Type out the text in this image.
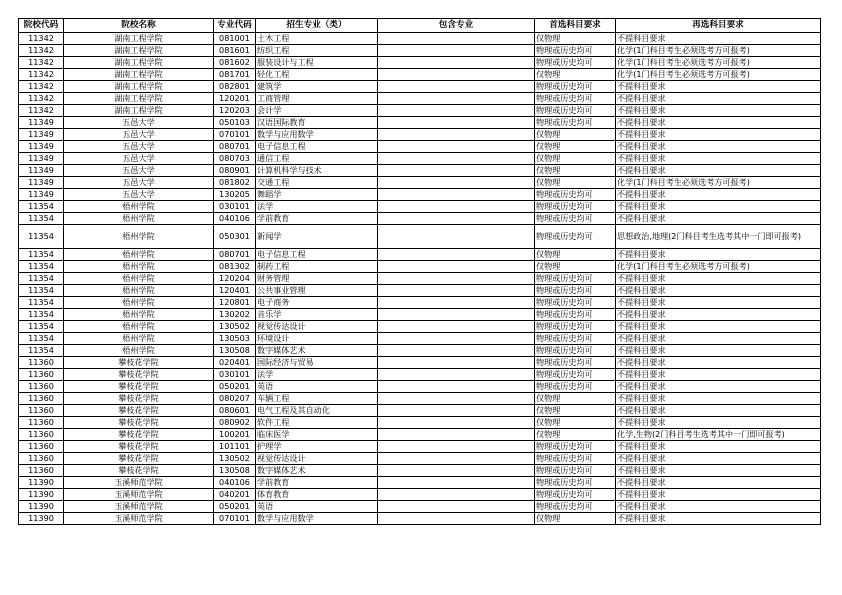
院校代码	院校名称	专业代码	招生专业（类）	包含专业	首选科目要求	再选科目要求
11342	湖南工程学院	081001	土木工程		仅物理	不提科目要求
11342	湖南工程学院	081601	纺织工程		物理或历史均可	化学(1门科目考生必须选考方可报考)
11342	湖南工程学院	081602	服装设计与工程		物理或历史均可	化学(1门科目考生必须选考方可报考)
11342	湖南工程学院	081701	轻化工程		仅物理	化学(1门科目考生必须选考方可报考)
11342	湖南工程学院	082801	建筑学		物理或历史均可	不提科目要求
11342	湖南工程学院	120201	工商管理		物理或历史均可	不提科目要求
11342	湖南工程学院	120203	会计学		物理或历史均可	不提科目要求
11349	五邑大学	050103	汉语国际教育		物理或历史均可	不提科目要求
11349	五邑大学	070101	数学与应用数学		仅物理	不提科目要求
11349	五邑大学	080701	电子信息工程		仅物理	不提科目要求
11349	五邑大学	080703	通信工程		仅物理	不提科目要求
11349	五邑大学	080901	计算机科学与技术		仅物理	不提科目要求
11349	五邑大学	081802	交通工程		仅物理	化学(1门科目考生必须选考方可报考)
11349	五邑大学	130205	舞蹈学		物理或历史均可	不提科目要求
11354	梧州学院	030101	法学		物理或历史均可	不提科目要求
11354	梧州学院	040106	学前教育		物理或历史均可	不提科目要求
11354	梧州学院	050301	新闻学		物理或历史均可	思想政治,地理(2门科目考生选考其中一门即可报考)
11354	梧州学院	080701	电子信息工程		仅物理	不提科目要求
11354	梧州学院	081302	制药工程		仅物理	化学(1门科目考生必须选考方可报考)
11354	梧州学院	120204	财务管理		物理或历史均可	不提科目要求
11354	梧州学院	120401	公共事业管理		物理或历史均可	不提科目要求
11354	梧州学院	120801	电子商务		物理或历史均可	不提科目要求
11354	梧州学院	130202	音乐学		物理或历史均可	不提科目要求
11354	梧州学院	130502	视觉传达设计		物理或历史均可	不提科目要求
11354	梧州学院	130503	环境设计		物理或历史均可	不提科目要求
11354	梧州学院	130508	数字媒体艺术		物理或历史均可	不提科目要求
11360	攀枝花学院	020401	国际经济与贸易		物理或历史均可	不提科目要求
11360	攀枝花学院	030101	法学		物理或历史均可	不提科目要求
11360	攀枝花学院	050201	英语		物理或历史均可	不提科目要求
11360	攀枝花学院	080207	车辆工程		仅物理	不提科目要求
11360	攀枝花学院	080601	电气工程及其自动化		仅物理	不提科目要求
11360	攀枝花学院	080902	软件工程		仅物理	不提科目要求
11360	攀枝花学院	100201	临床医学		仅物理	化学,生物(2门科目考生选考其中一门即可报考)
11360	攀枝花学院	101101	护理学		物理或历史均可	不提科目要求
11360	攀枝花学院	130502	视觉传达设计		物理或历史均可	不提科目要求
11360	攀枝花学院	130508	数字媒体艺术		物理或历史均可	不提科目要求
11390	玉溪师范学院	040106	学前教育		物理或历史均可	不提科目要求
11390	玉溪师范学院	040201	体育教育		物理或历史均可	不提科目要求
11390	玉溪师范学院	050201	英语		物理或历史均可	不提科目要求
11390	玉溪师范学院	070101	数学与应用数学		仅物理	不提科目要求
